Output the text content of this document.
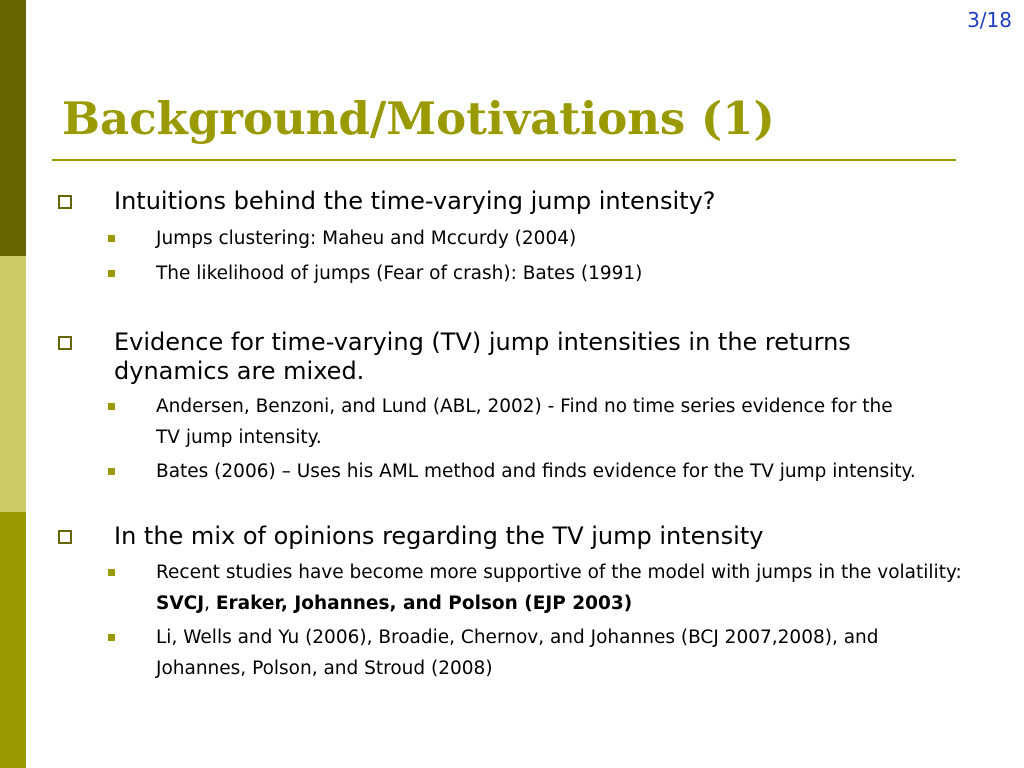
3/18
Background/Motivations (1)
Intuitions behind the time-varying jump intensity?
Jumps clustering: Maheu and Mccurdy (2004)
The likelihood of jumps (Fear of crash): Bates (1991)
Evidence for time-varying (TV) jump intensities in the returns dynamics are mixed.
Andersen, Benzoni, and Lund (ABL, 2002) - Find no time series evidence for the TV jump intensity.
Bates (2006) – Uses his AML method and finds evidence for the TV jump intensity.
In the mix of opinions regarding the TV jump intensity
Recent studies have become more supportive of the model with jumps in the volatility: SVCJ, Eraker, Johannes, and Polson (EJP 2003)
Li, Wells and Yu (2006), Broadie, Chernov, and Johannes (BCJ 2007,2008), and Johannes, Polson, and Stroud (2008)
